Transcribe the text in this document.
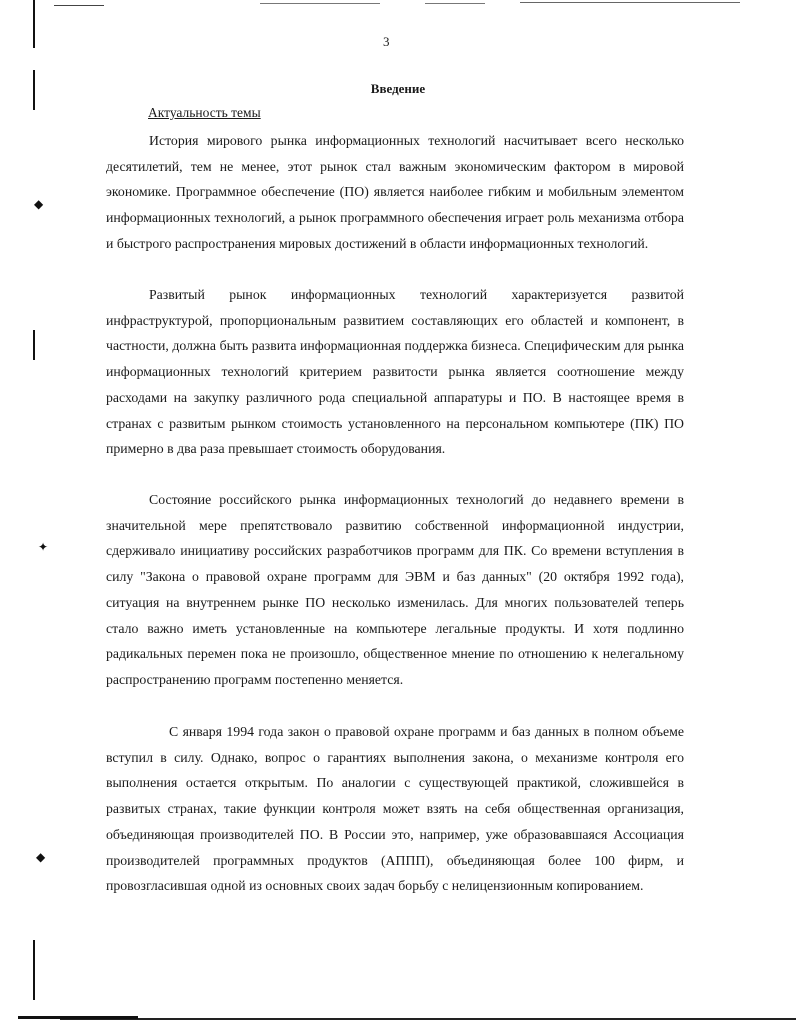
◆
✦
◆
3
Введение
Актуальность темы

История мирового рынка информационных технологий насчитывает всего несколько десятилетий, тем не менее, этот рынок стал важным экономическим фактором в мировой экономике. Программное обеспечение (ПО) является наиболее гибким и мобильным элементом информационных технологий, а рынок программного обеспечения играет роль механизма отбора и быстрого распространения мировых достижений в области информационных технологий.

Развитый рынок информационных технологий характеризуется развитой инфраструктурой, пропорциональным развитием составляющих его областей и компонент, в частности, должна быть развита информационная поддержка бизнеса. Специфическим для рынка информационных технологий критерием развитости рынка является соотношение между расходами на закупку различного рода специальной аппаратуры и ПО. В настоящее время в странах с развитым рынком стоимость установленного на персональном компьютере (ПК) ПО примерно в два раза превышает стоимость оборудования.

Состояние российского рынка информационных технологий до недавнего времени в значительной мере препятствовало развитию собственной информационной индустрии, сдерживало инициативу российских разработчиков программ для ПК. Со времени вступления в силу "Закона о правовой охране программ для ЭВМ и баз данных" (20 октября 1992 года), ситуация на внутреннем рынке ПО несколько изменилась. Для многих пользователей теперь стало важно иметь установленные на компьютере легальные продукты. И хотя подлинно радикальных перемен пока не произошло, общественное мнение по отношению к нелегальному распространению программ постепенно меняется.

С января 1994 года закон о правовой охране программ и баз данных в полном объеме вступил в силу. Однако, вопрос о гарантиях выполнения закона, о механизме контроля его выполнения остается открытым. По аналогии с существующей практикой, сложившейся в развитых странах, такие функции контроля может взять на себя общественная организация, объединяющая производителей ПО. В России это, например, уже образовавшаяся Ассоциация производителей программных продуктов (АППП), объединяющая более 100 фирм, и провозгласившая одной из основных своих задач борьбу с нелицензионным копированием.
